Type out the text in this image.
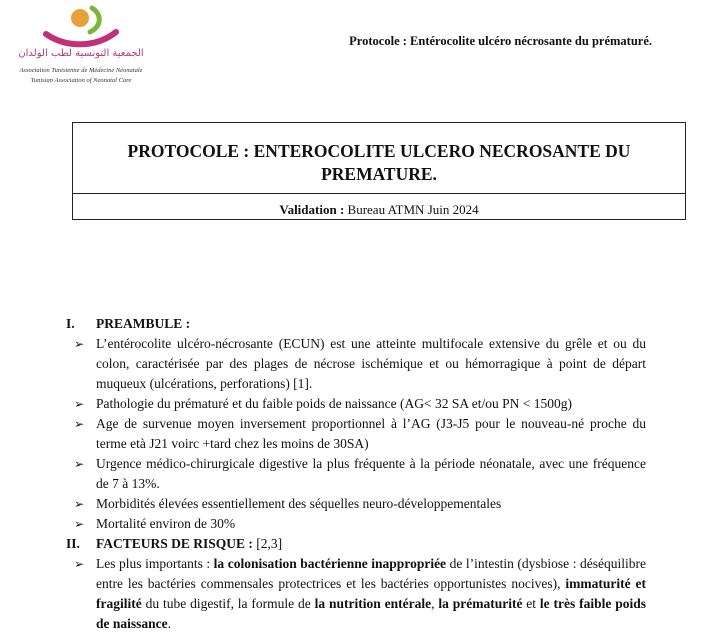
الجمعية التونسية لطب الولدان
Association Tunisienne de Médecine Néonatale
Tunisian Association of Neonatal Care
Protocole : Entérocolite ulcéro nécrosante du prématuré.
PROTOCOLE : ENTEROCOLITE ULCERO NECROSANTE DU PREMATURE.
Validation : Bureau ATMN Juin 2024
I. PREAMBULE :
➢ L’entérocolite ulcéro-nécrosante (ECUN) est une atteinte multifocale extensive du grêle et ou du colon, caractérisée par des plages de nécrose ischémique et ou hémorragique à point de départ muqueux (ulcérations, perforations) [1].
➢ Pathologie du prématuré et du faible poids de naissance (AG< 32 SA et/ou PN < 1500g)
➢ Age de survenue moyen inversement proportionnel à l’AG (J3-J5 pour le nouveau-né proche du terme età J21 voirc +tard chez les moins de 30SA)
➢ Urgence médico-chirurgicale digestive la plus fréquente à la période néonatale, avec une fréquence de 7 à 13%.
➢ Morbidités élevées essentiellement des séquelles neuro-développementales
➢ Mortalité environ de 30%
II. FACTEURS DE RISQUE : [2,3]
➢ Les plus importants : la colonisation bactérienne inappropriée de l’intestin (dysbiose : déséquilibre entre les bactéries commensales protectrices et les bactéries opportunistes nocives), immaturité et fragilité du tube digestif, la formule de la nutrition entérale, la prématurité et le très faible poids de naissance.
